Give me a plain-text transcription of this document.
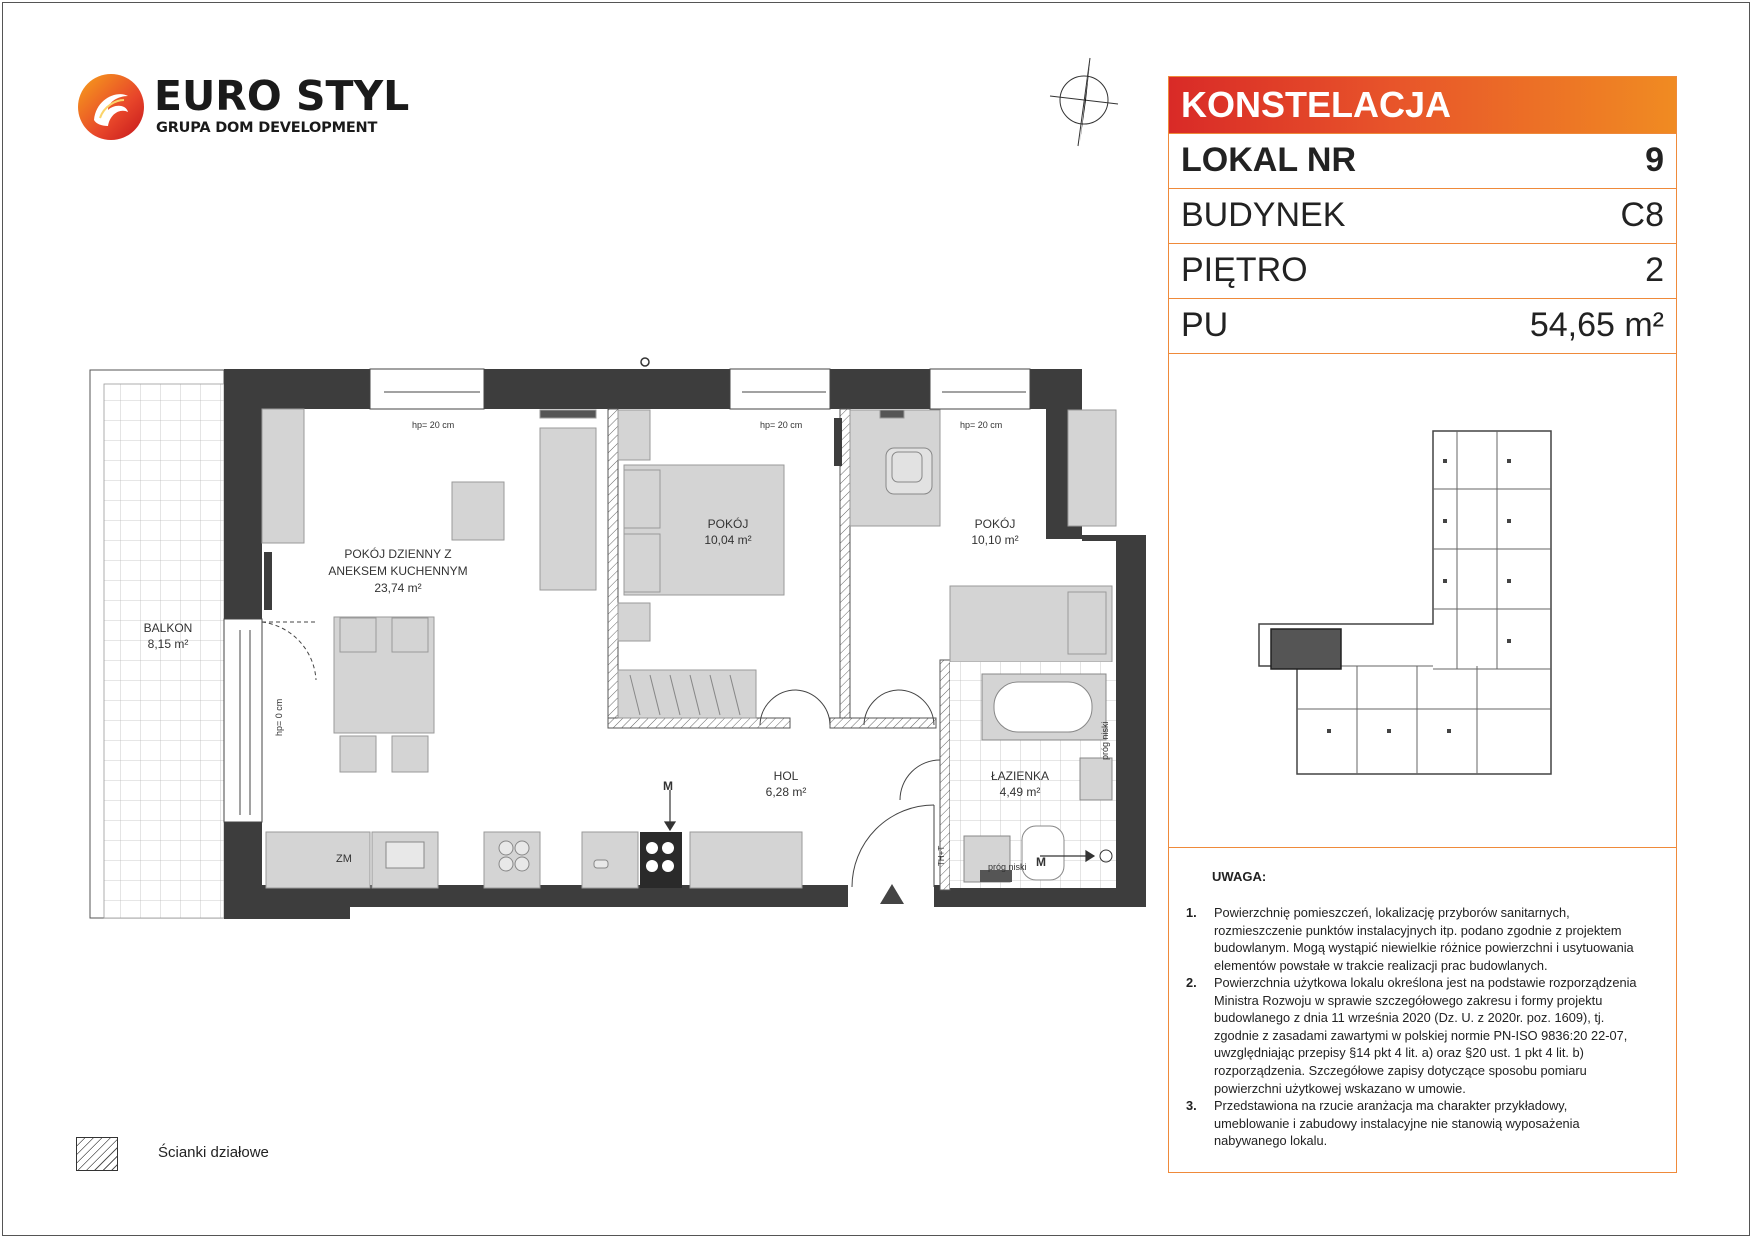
EURO STYL
GRUPA DOM DEVELOPMENT
M
M
hp= 20 cm	hp= 20 cm	hp= 20 cm
hp= 0 cm
próg niski
próg niski
TH+T
ZM
POKÓJ DZIENNY Z
ANEKSEM KUCHENNYM
23,74 m²
POKÓJ
10,04 m²
POKÓJ
10,10 m²
BALKON
8,15 m²
HOL
6,28 m²
ŁAZIENKA
4,49 m²
KONSTELACJA
LOKAL NR	9
BUDYNEK	C8
PIĘTRO	2
PU	54,65 m²
UWAGA:
1. Powierzchnię pomieszczeń, lokalizację przyborów sanitarnych,
rozmieszczenie punktów instalacyjnych itp. podano zgodnie z projektem
budowlanym. Mogą wystąpić niewielkie różnice powierzchni i usytuowania
elementów powstałe w trakcie realizacji prac budowlanych.
2. Powierzchnia użytkowa lokalu określona jest na podstawie rozporządzenia
Ministra Rozwoju w sprawie szczegółowego zakresu i formy projektu
budowlanego z dnia 11 września 2020 (Dz. U. z 2020r. poz. 1609), tj.
zgodnie z zasadami zawartymi w polskiej normie PN-ISO 9836:20 22-07,
uwzględniając przepisy §14 pkt 4 lit. a) oraz §20 ust. 1 pkt 4 lit. b)
rozporządzenia. Szczegółowe zapisy dotyczące sposobu pomiaru
powierzchni użytkowej wskazano w umowie.
3. Przedstawiona na rzucie aranżacja ma charakter przykładowy,
umeblowanie i zabudowy instalacyjne nie stanowią wyposażenia
nabywanego lokalu.
Ścianki działowe
